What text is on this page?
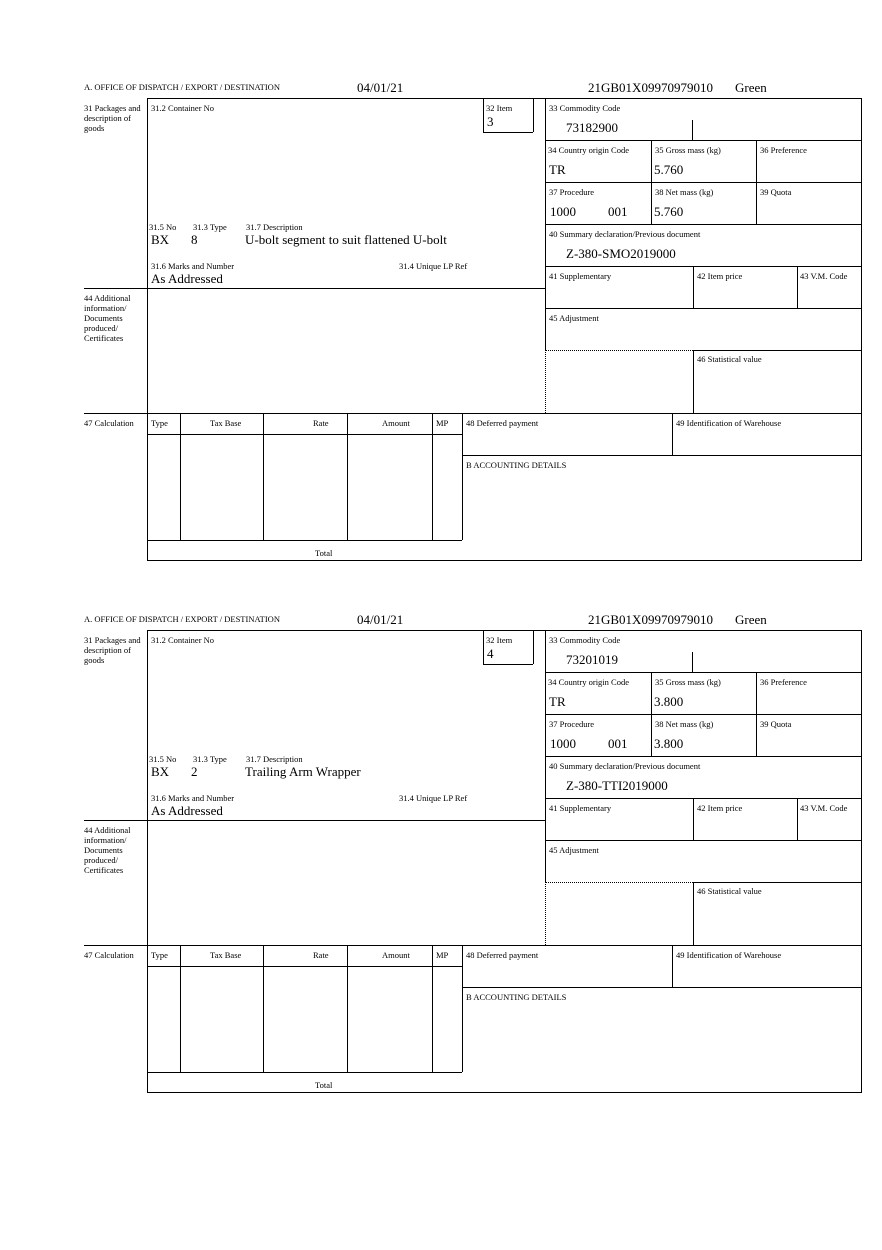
A. OFFICE OF DISPATCH / EXPORT / DESTINATION	04/01/21	21GB01X09970979010 Green
31 Packages and description of goods
31.2 Container No	32 Item
3
33 Commodity Code
73182900
34 Country origin Code
TR
35 Gross mass (kg)
5.760
36 Preference
37 Procedure
1000 001
38 Net mass (kg)
5.760
39 Quota
40 Summary declaration/Previous document
Z-380-SMO2019000
31.5 No 31.3 Type 31.7 Description
BX 8	U-bolt segment to suit flattened U-bolt
31.6 Marks and Number	31.4 Unique LP Ref
As Addressed	41 Supplementary	42 Item price	43 V.M. Code
44 Additional information/ Documents produced/ Certificates
45 Adjustment
46 Statistical value
47 Calculation	Type	Tax Base	Rate	Amount	MP
Total
48 Deferred payment	49 Identification of Warehouse
B ACCOUNTING DETAILS
A. OFFICE OF DISPATCH / EXPORT / DESTINATION	04/01/21	21GB01X09970979010 Green
31 Packages and description of goods
31.2 Container No	32 Item
4
33 Commodity Code
73201019
34 Country origin Code
TR
35 Gross mass (kg)
3.800
36 Preference
37 Procedure
1000 001
38 Net mass (kg)
3.800
39 Quota
40 Summary declaration/Previous document
Z-380-TTI2019000
31.5 No 31.3 Type 31.7 Description
BX 2	Trailing Arm Wrapper
31.6 Marks and Number	31.4 Unique LP Ref
As Addressed	41 Supplementary	42 Item price	43 V.M. Code
44 Additional information/ Documents produced/ Certificates
45 Adjustment
46 Statistical value
47 Calculation	Type	Tax Base	Rate	Amount	MP
Total
48 Deferred payment	49 Identification of Warehouse
B ACCOUNTING DETAILS
